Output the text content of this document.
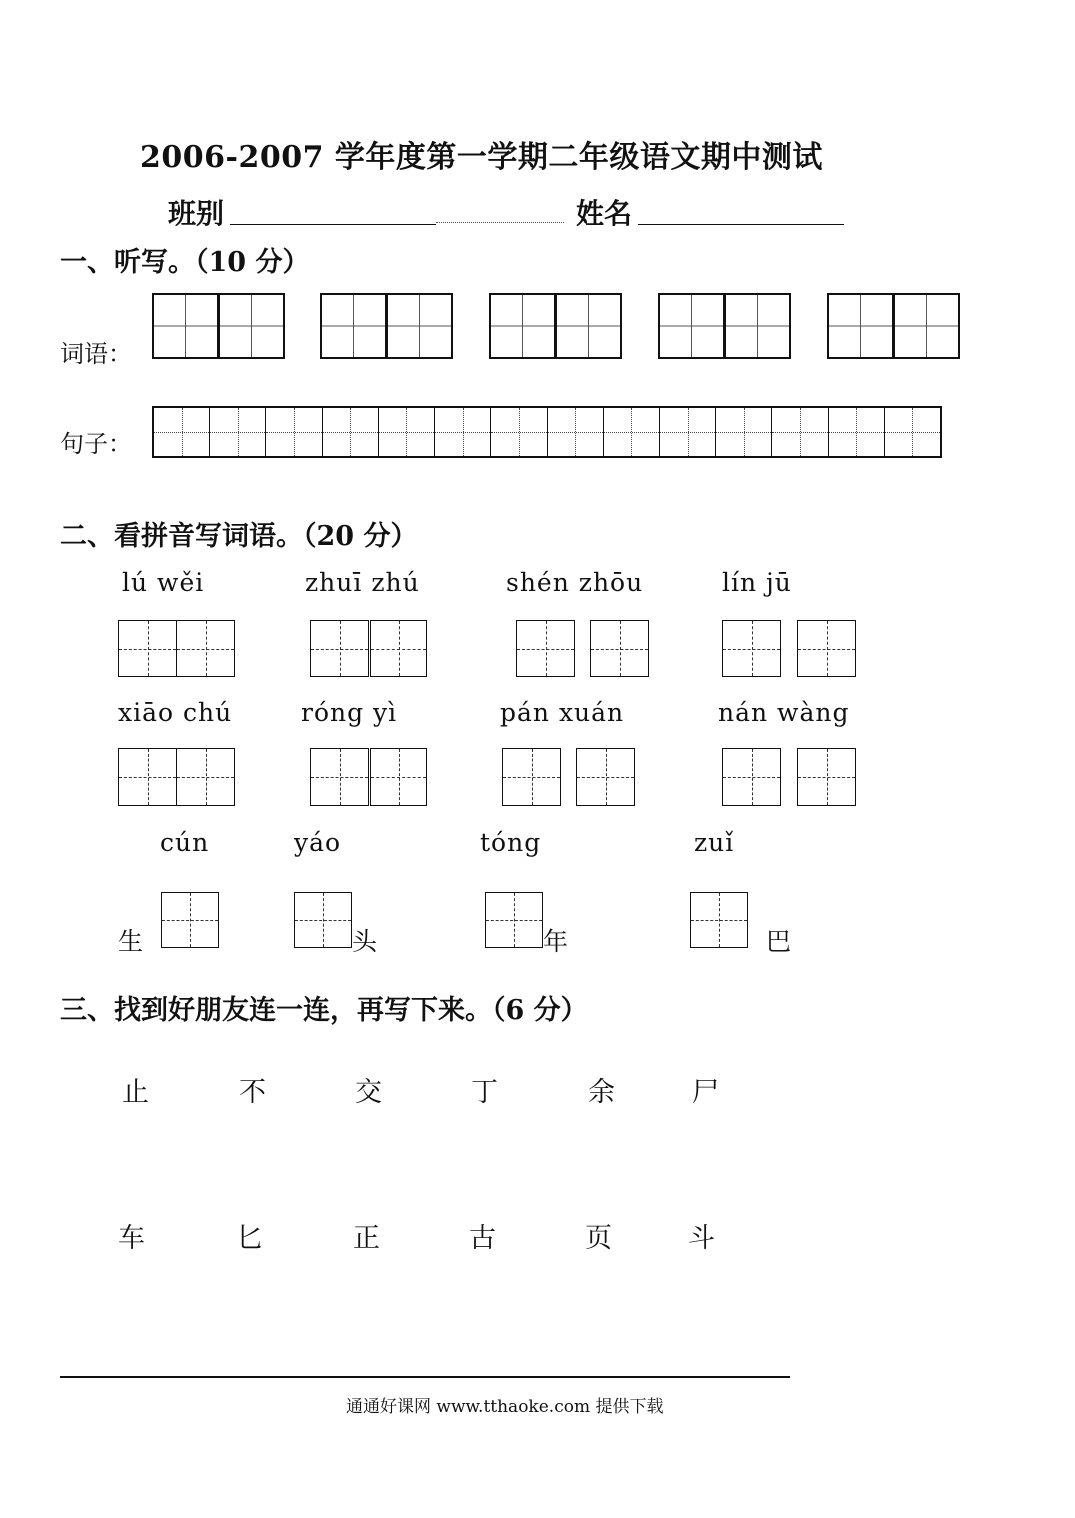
2006-2007 学年度第一学期二年级语文期中测试
班别	姓名
一、听写。（10 分）
词语：
句子：
二、看拼音写词语。（20 分）
lú wěi	zhuī zhú	shén zhōu	lín jū
xiāo chú	róng yì	pán xuán	nán wàng
cún	yáo	tóng	zuǐ
生	头	年	巴
三、找到好朋友连一连，再写下来。（6 分）
止	不	交	丁	余	尸
车	匕	正	古	页	斗
通通好课网 www.tthaoke.com 提供下载
